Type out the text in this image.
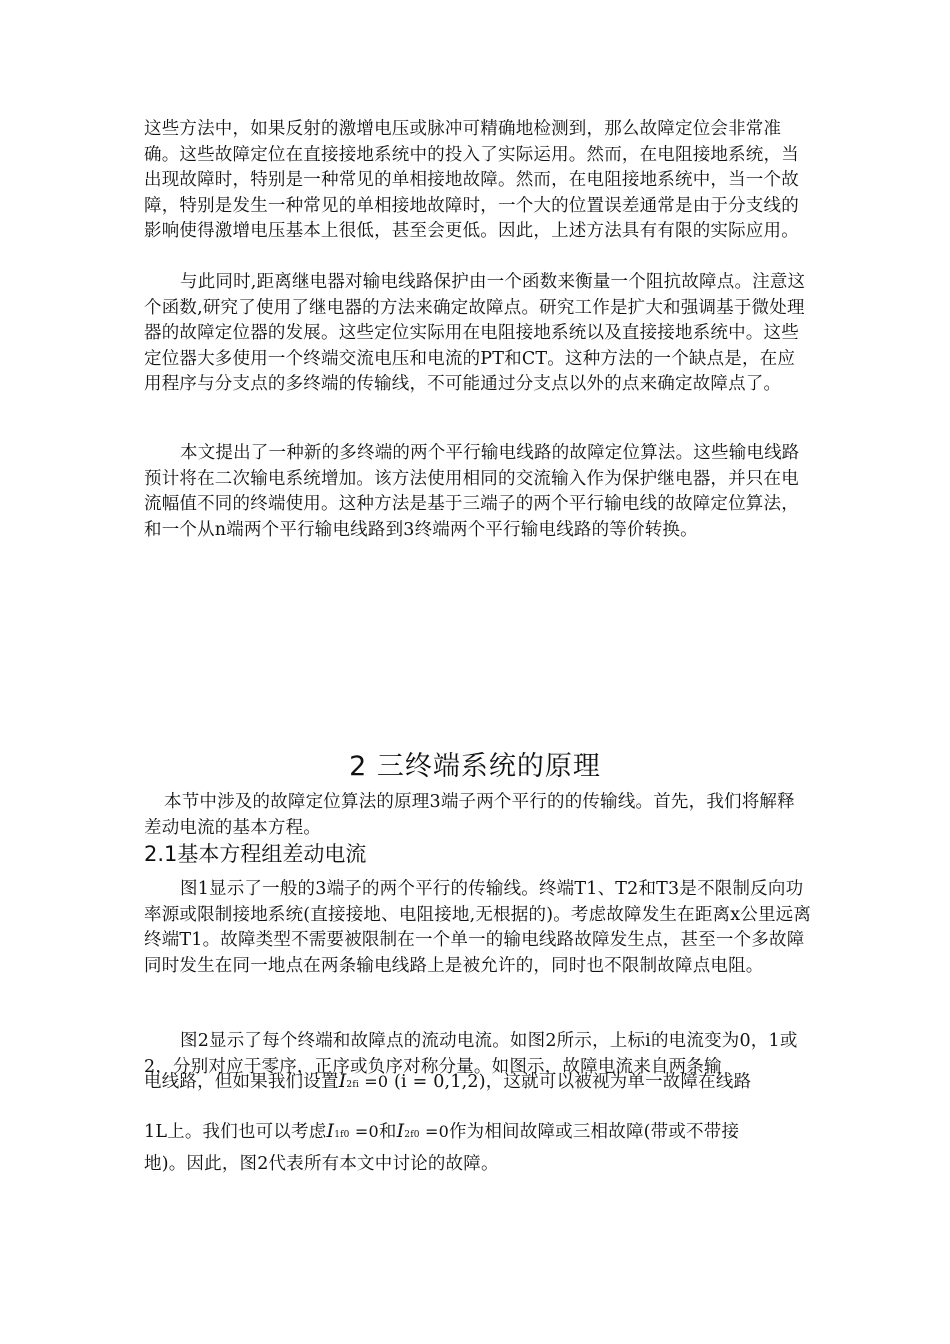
这些方法中，如果反射的激增电压或脉冲可精确地检测到，那么故障定位会非常准确。这些故障定位在直接接地系统中的投入了实际运用。然而，在电阻接地系统，当出现故障时，特别是一种常见的单相接地故障。然而，在电阻接地系统中，当一个故障，特别是发生一种常见的单相接地故障时，一个大的位置误差通常是由于分支线的影响使得激增电压基本上很低，甚至会更低。因此，上述方法具有有限的实际应用。

与此同时,距离继电器对输电线路保护由一个函数来衡量一个阻抗故障点。注意这个函数,研究了使用了继电器的方法来确定故障点。研究工作是扩大和强调基于微处理器的故障定位器的发展。这些定位实际用在电阻接地系统以及直接接地系统中。这些定位器大多使用一个终端交流电压和电流的PT和CT。这种方法的一个缺点是，在应用程序与分支点的多终端的传输线，不可能通过分支点以外的点来确定故障点了。

本文提出了一种新的多终端的两个平行输电线路的故障定位算法。这些输电线路预计将在二次输电系统增加。该方法使用相同的交流输入作为保护继电器，并只在电流幅值不同的终端使用。这种方法是基于三端子的两个平行输电线的故障定位算法，和一个从n端两个平行输电线路到3终端两个平行输电线路的等价转换。

2 三终端系统的原理

本节中涉及的故障定位算法的原理3端子两个平行的的传输线。首先，我们将解释差动电流的基本方程。

2.1基本方程组差动电流

图1显示了一般的3端子的两个平行的传输线。终端T1、T2和T3是不限制反向功率源或限制接地系统(直接接地、电阻接地,无根据的)。考虑故障发生在距离x公里远离终端T1。故障类型不需要被限制在一个单一的输电线路故障发生点，甚至一个多故障同时发生在同一地点在两条输电线路上是被允许的，同时也不限制故障点电阻。

图2显示了每个终端和故障点的流动电流。如图2所示，上标i的电流变为0，1或2，分别对应于零序，正序或负序对称分量。如图示，故障电流来自两条输

电线路，但如果我们设置I2fi =0 (i = 0,1,2)，这就可以被视为单一故障在线路

1L上。我们也可以考虑I1f0 =0和I2f0 =0作为相间故障或三相故障(带或不带接

地)。因此，图2代表所有本文中讨论的故障。
